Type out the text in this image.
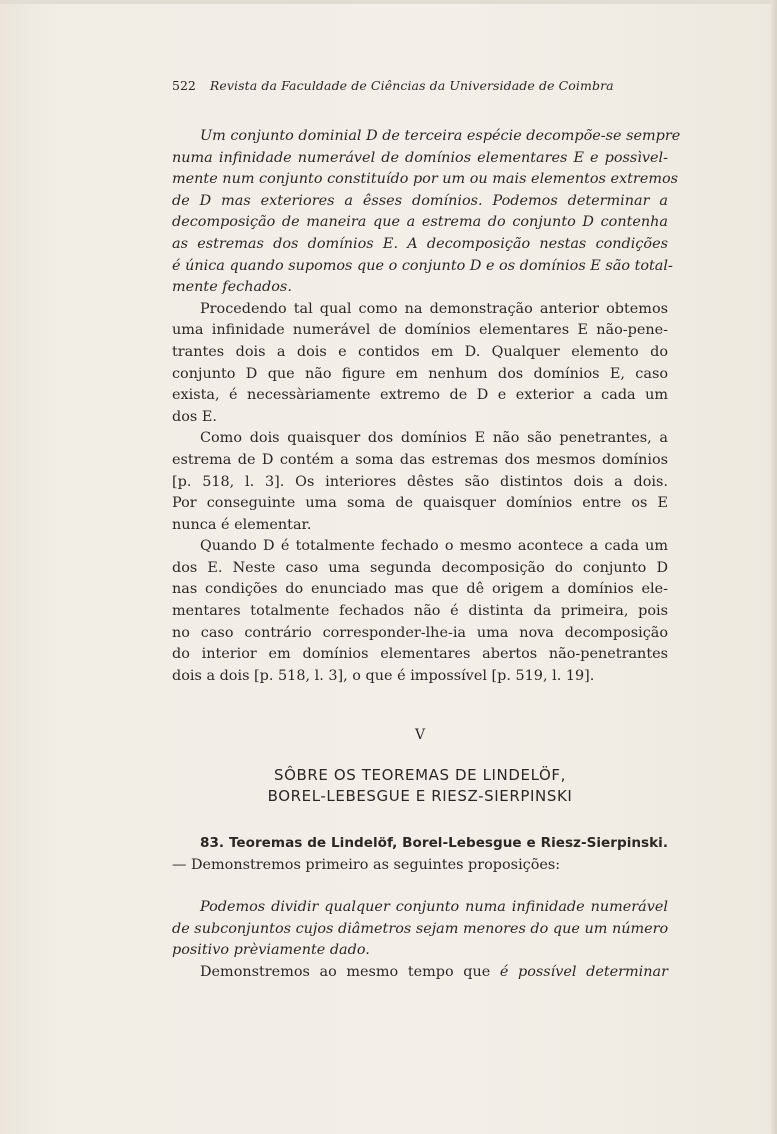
522 Revista da Faculdade de Ciências da Universidade de Coimbra
Um conjunto dominial D de terceira espécie decompõe-se sempre
numa infinidade numerável de domínios elementares E e possìvel-
mente num conjunto constituído por um ou mais elementos extremos
de D mas exteriores a êsses domínios. Podemos determinar a
decomposição de maneira que a estrema do conjunto D contenha
as estremas dos domínios E. A decomposição nestas condições
é única quando supomos que o conjunto D e os domínios E são total-
mente fechados.
Procedendo tal qual como na demonstração anterior obtemos
uma infinidade numerável de domínios elementares E não-pene-
trantes dois a dois e contidos em D. Qualquer elemento do
conjunto D que não figure em nenhum dos domínios E, caso
exista, é necessàriamente extremo de D e exterior a cada um
dos E.
Como dois quaisquer dos domínios E não são penetrantes, a
estrema de D contém a soma das estremas dos mesmos domínios
[p. 518, l. 3]. Os interiores dêstes são distintos dois a dois.
Por conseguinte uma soma de quaisquer domínios entre os E
nunca é elementar.
Quando D é totalmente fechado o mesmo acontece a cada um
dos E. Neste caso uma segunda decomposição do conjunto D
nas condições do enunciado mas que dê origem a domínios ele-
mentares totalmente fechados não é distinta da primeira, pois
no caso contrário corresponder-lhe-ia uma nova decomposição
do interior em domínios elementares abertos não-penetrantes
dois a dois [p. 518, l. 3], o que é impossível [p. 519, l. 19].
V
SÔBRE OS TEOREMAS DE LINDELÖF,
BOREL-LEBESGUE E RIESZ-SIERPINSKI
83. Teoremas de Lindelöf, Borel-Lebesgue e Riesz-Sierpinski.
— Demonstremos primeiro as seguintes proposições:
Podemos dividir qualquer conjunto numa infinidade numerável
de subconjuntos cujos diâmetros sejam menores do que um número
positivo prèviamente dado.
Demonstremos ao mesmo tempo que é possível determinar
